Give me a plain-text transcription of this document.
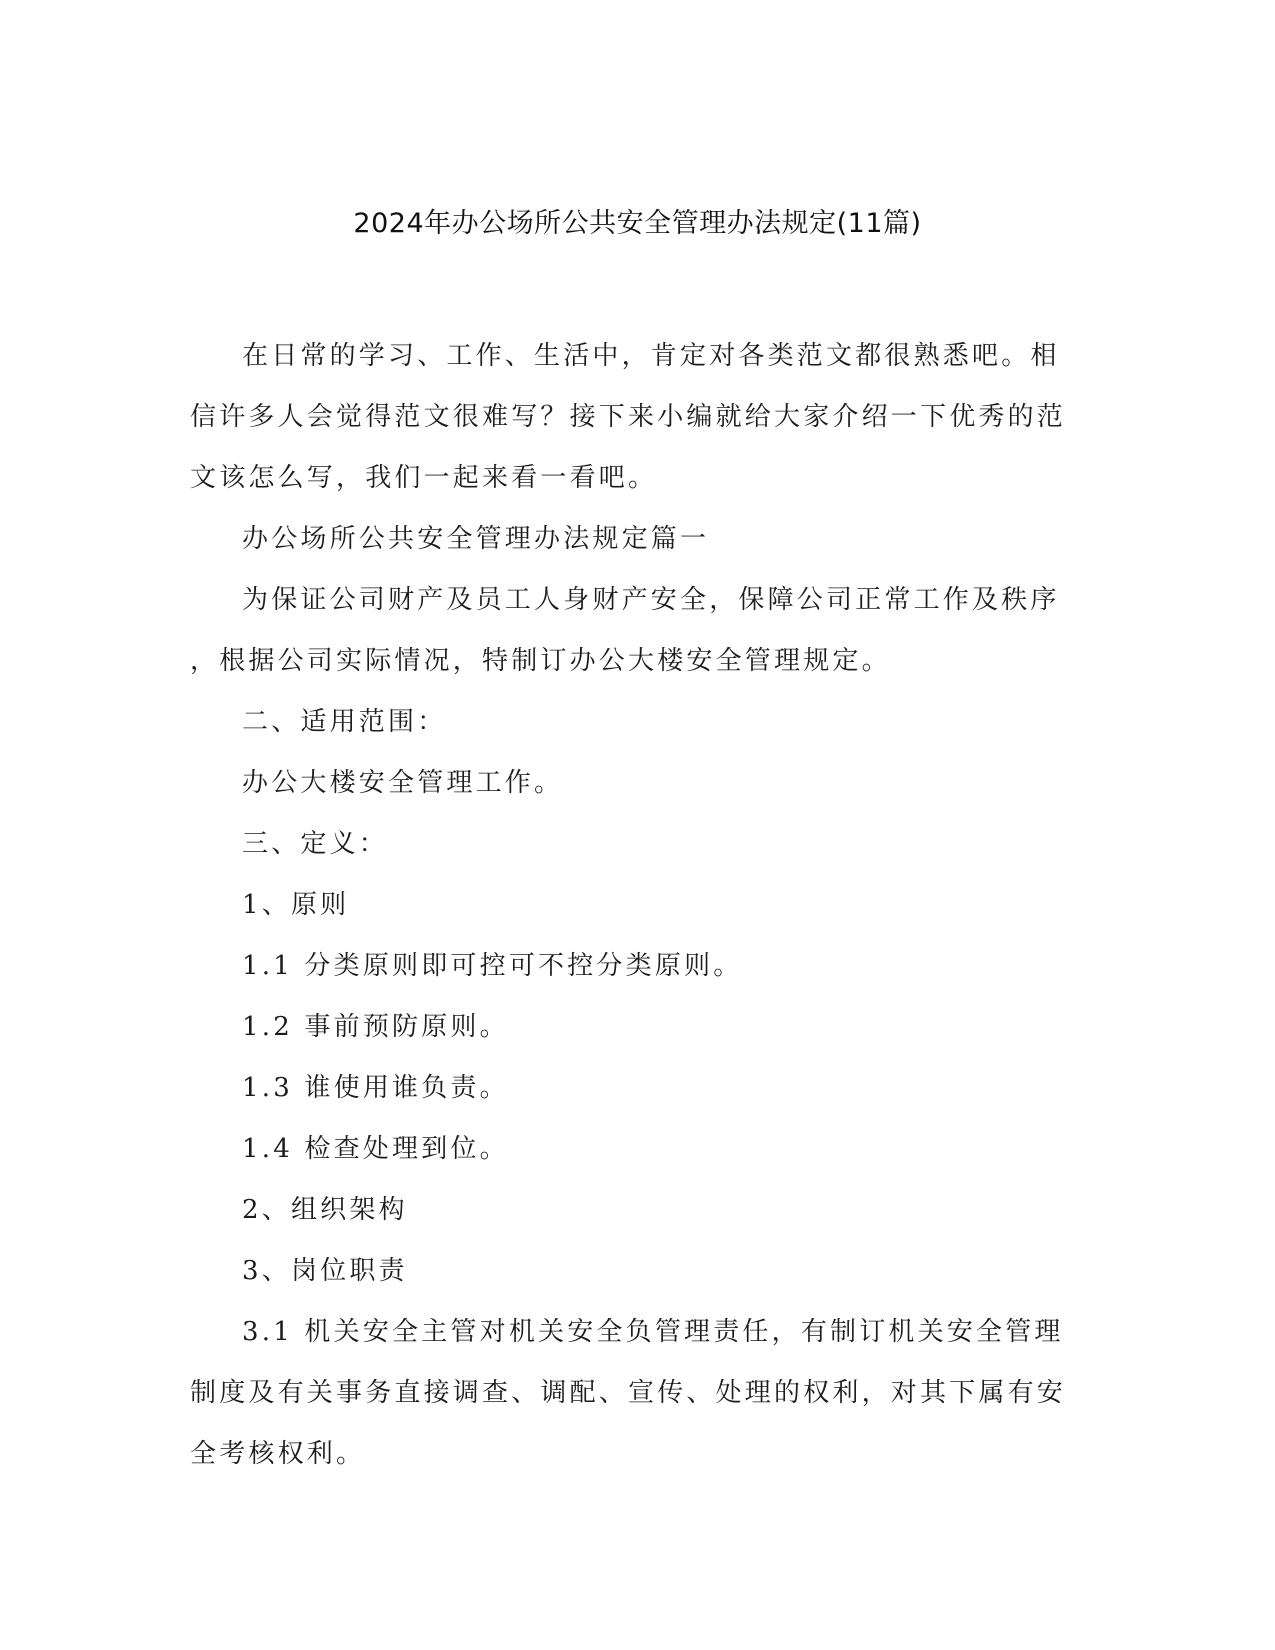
2024年办公场所公共安全管理办法规定(11篇)

在日常的学习、工作、生活中，肯定对各类范文都很熟悉吧。相
信许多人会觉得范文很难写？接下来小编就给大家介绍一下优秀的范
文该怎么写，我们一起来看一看吧。

办公场所公共安全管理办法规定篇一

为保证公司财产及员工人身财产安全，保障公司正常工作及秩序
，根据公司实际情况，特制订办公大楼安全管理规定。

二、适用范围：

办公大楼安全管理工作。

三、定义：

1、原则

1.1 分类原则即可控可不控分类原则。

1.2 事前预防原则。

1.3 谁使用谁负责。

1.4 检查处理到位。

2、组织架构

3、岗位职责

3.1 机关安全主管对机关安全负管理责任，有制订机关安全管理
制度及有关事务直接调查、调配、宣传、处理的权利，对其下属有安
全考核权利。
